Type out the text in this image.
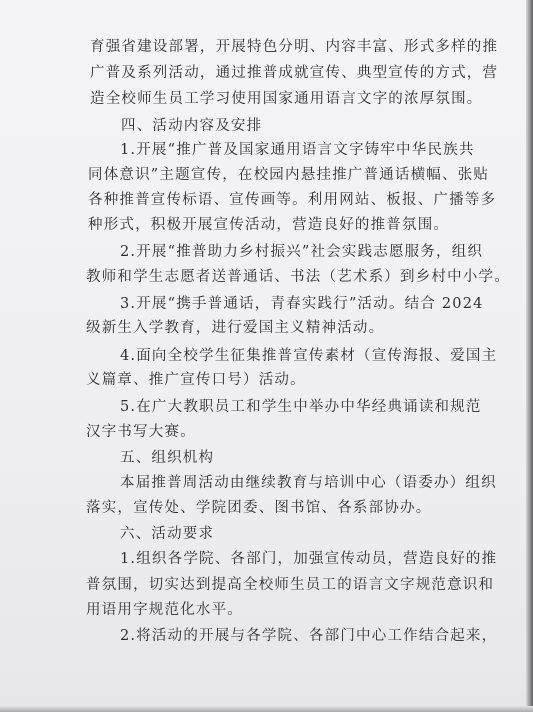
育强省建设部署，开展特色分明、内容丰富、形式多样的推
广普及系列活动，通过推普成就宣传、典型宣传的方式，营
造全校师生员工学习使用国家通用语言文字的浓厚氛围。
四、活动内容及安排
1.开展“推广普及国家通用语言文字铸牢中华民族共
同体意识”主题宣传，在校园内悬挂推广普通话横幅、张贴
各种推普宣传标语、宣传画等。利用网站、板报、广播等多
种形式，积极开展宣传活动，营造良好的推普氛围。
2.开展“推普助力乡村振兴”社会实践志愿服务，组织
教师和学生志愿者送普通话、书法（艺术系）到乡村中小学。
3.开展“携手普通话，青春实践行”活动。结合 2024
级新生入学教育，进行爱国主义精神活动。
4.面向全校学生征集推普宣传素材（宣传海报、爱国主
义篇章、推广宣传口号）活动。
5.在广大教职员工和学生中举办中华经典诵读和规范
汉字书写大赛。
五、组织机构
本届推普周活动由继续教育与培训中心（语委办）组织
落实，宣传处、学院团委、图书馆、各系部协办。
六、活动要求
1.组织各学院、各部门，加强宣传动员，营造良好的推
普氛围，切实达到提高全校师生员工的语言文字规范意识和
用语用字规范化水平。
2.将活动的开展与各学院、各部门中心工作结合起来，
